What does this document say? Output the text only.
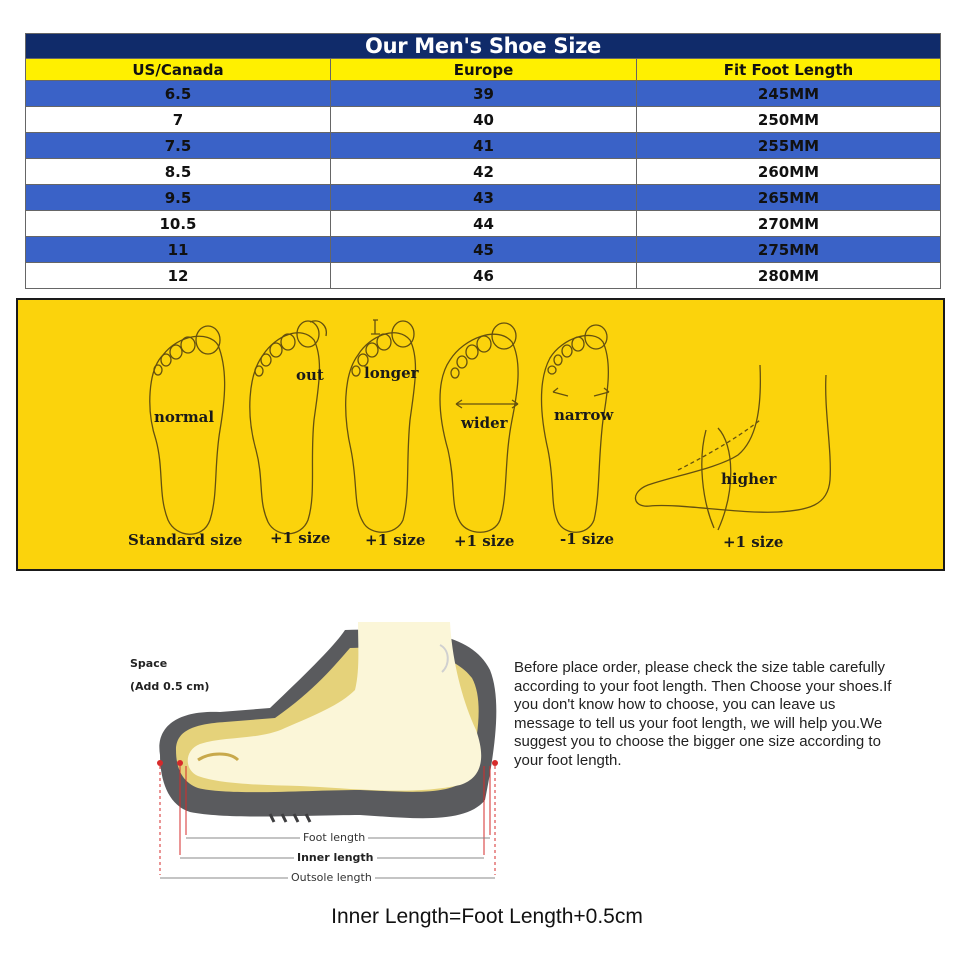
Our Men's Shoe Size
US/Canada	Europe	Fit Foot Length
6.5	39	245MM
7	40	250MM
7.5	41	255MM
8.5	42	260MM
9.5	43	265MM
10.5	44	270MM
11	45	275MM
12	46	280MM
normal
out	longer
wider	narrow
higher
Standard size +1 size +1 size +1 size	-1 size	+1 size
Space
(Add 0.5 cm)
Foot length
Inner length
Outsole length
Before place order, please check the size table carefully according to your foot length. Then Choose your shoes.If you don't know how to choose, you can leave us message to tell us your foot length, we will help you.We suggest you to choose the bigger one size according to your foot length.
Inner Length=Foot Length+0.5cm
